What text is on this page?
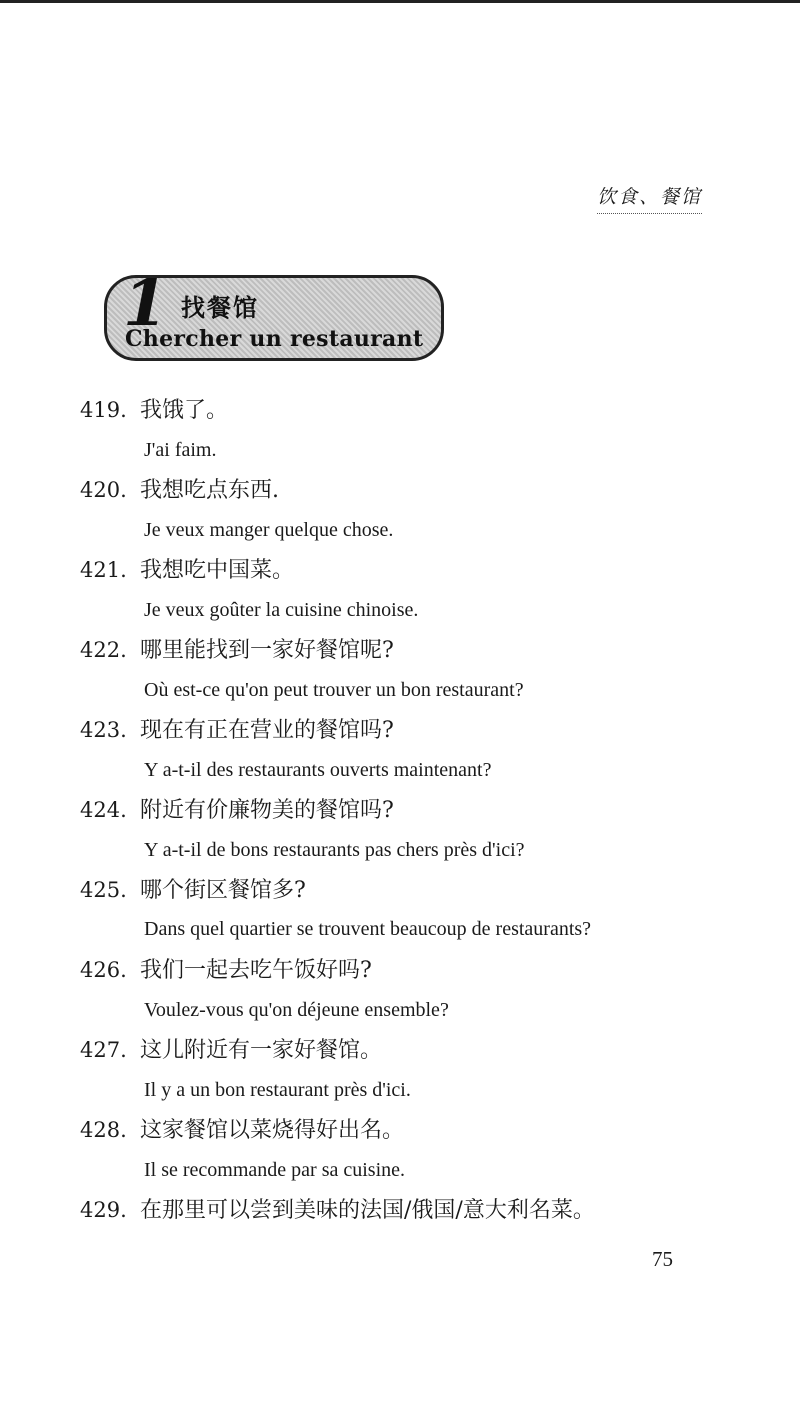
饮食、餐馆
1 找餐馆
Chercher un restaurant
419. 我饿了。
J'ai faim.
420. 我想吃点东西.
Je veux manger quelque chose.
421. 我想吃中国菜。
Je veux goûter la cuisine chinoise.
422. 哪里能找到一家好餐馆呢?
Où est-ce qu'on peut trouver un bon restaurant?
423. 现在有正在营业的餐馆吗?
Y a-t-il des restaurants ouverts maintenant?
424. 附近有价廉物美的餐馆吗?
Y a-t-il de bons restaurants pas chers près d'ici?
425. 哪个街区餐馆多?
Dans quel quartier se trouvent beaucoup de restaurants?
426. 我们一起去吃午饭好吗?
Voulez-vous qu'on déjeune ensemble?
427. 这儿附近有一家好餐馆。
Il y a un bon restaurant près d'ici.
428. 这家餐馆以菜烧得好出名。
Il se recommande par sa cuisine.
429. 在那里可以尝到美味的法国/俄国/意大利名菜。
75
